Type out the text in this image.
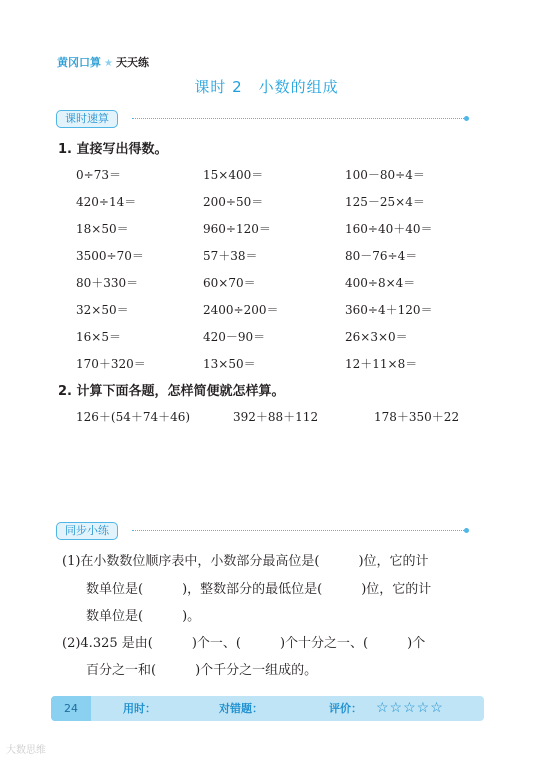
黄冈口算 ★ 天天练
课时 2　小数的组成
课时速算
1. 直接写出得数。
0÷73＝	15×400＝	100－80÷4＝
420÷14＝	200÷50＝	125－25×4＝
18×50＝	960÷120＝	160÷40＋40＝
3500÷70＝	57＋38＝	80－76÷4＝
80＋330＝	60×70＝	400÷8×4＝
32×50＝	2400÷200＝	360÷4＋120＝
16×5＝	420－90＝	26×3×0＝
170＋320＝	13×50＝	12＋11×8＝
2. 计算下面各题，怎样简便就怎样算。
126＋(54＋74＋46)	392＋88＋112	178＋350＋22
同步小练
(1)在小数数位顺序表中，小数部分最高位是(　　　)位，它的计
数单位是(　　　)，整数部分的最低位是(　　　)位，它的计
数单位是(　　　)。
(2)4.325 是由(　　　)个一、(　　　)个十分之一、(　　　)个
百分之一和(　　　)个千分之一组成的。
24	用时：	对错题：	评价： ☆☆☆☆☆
大数思维
